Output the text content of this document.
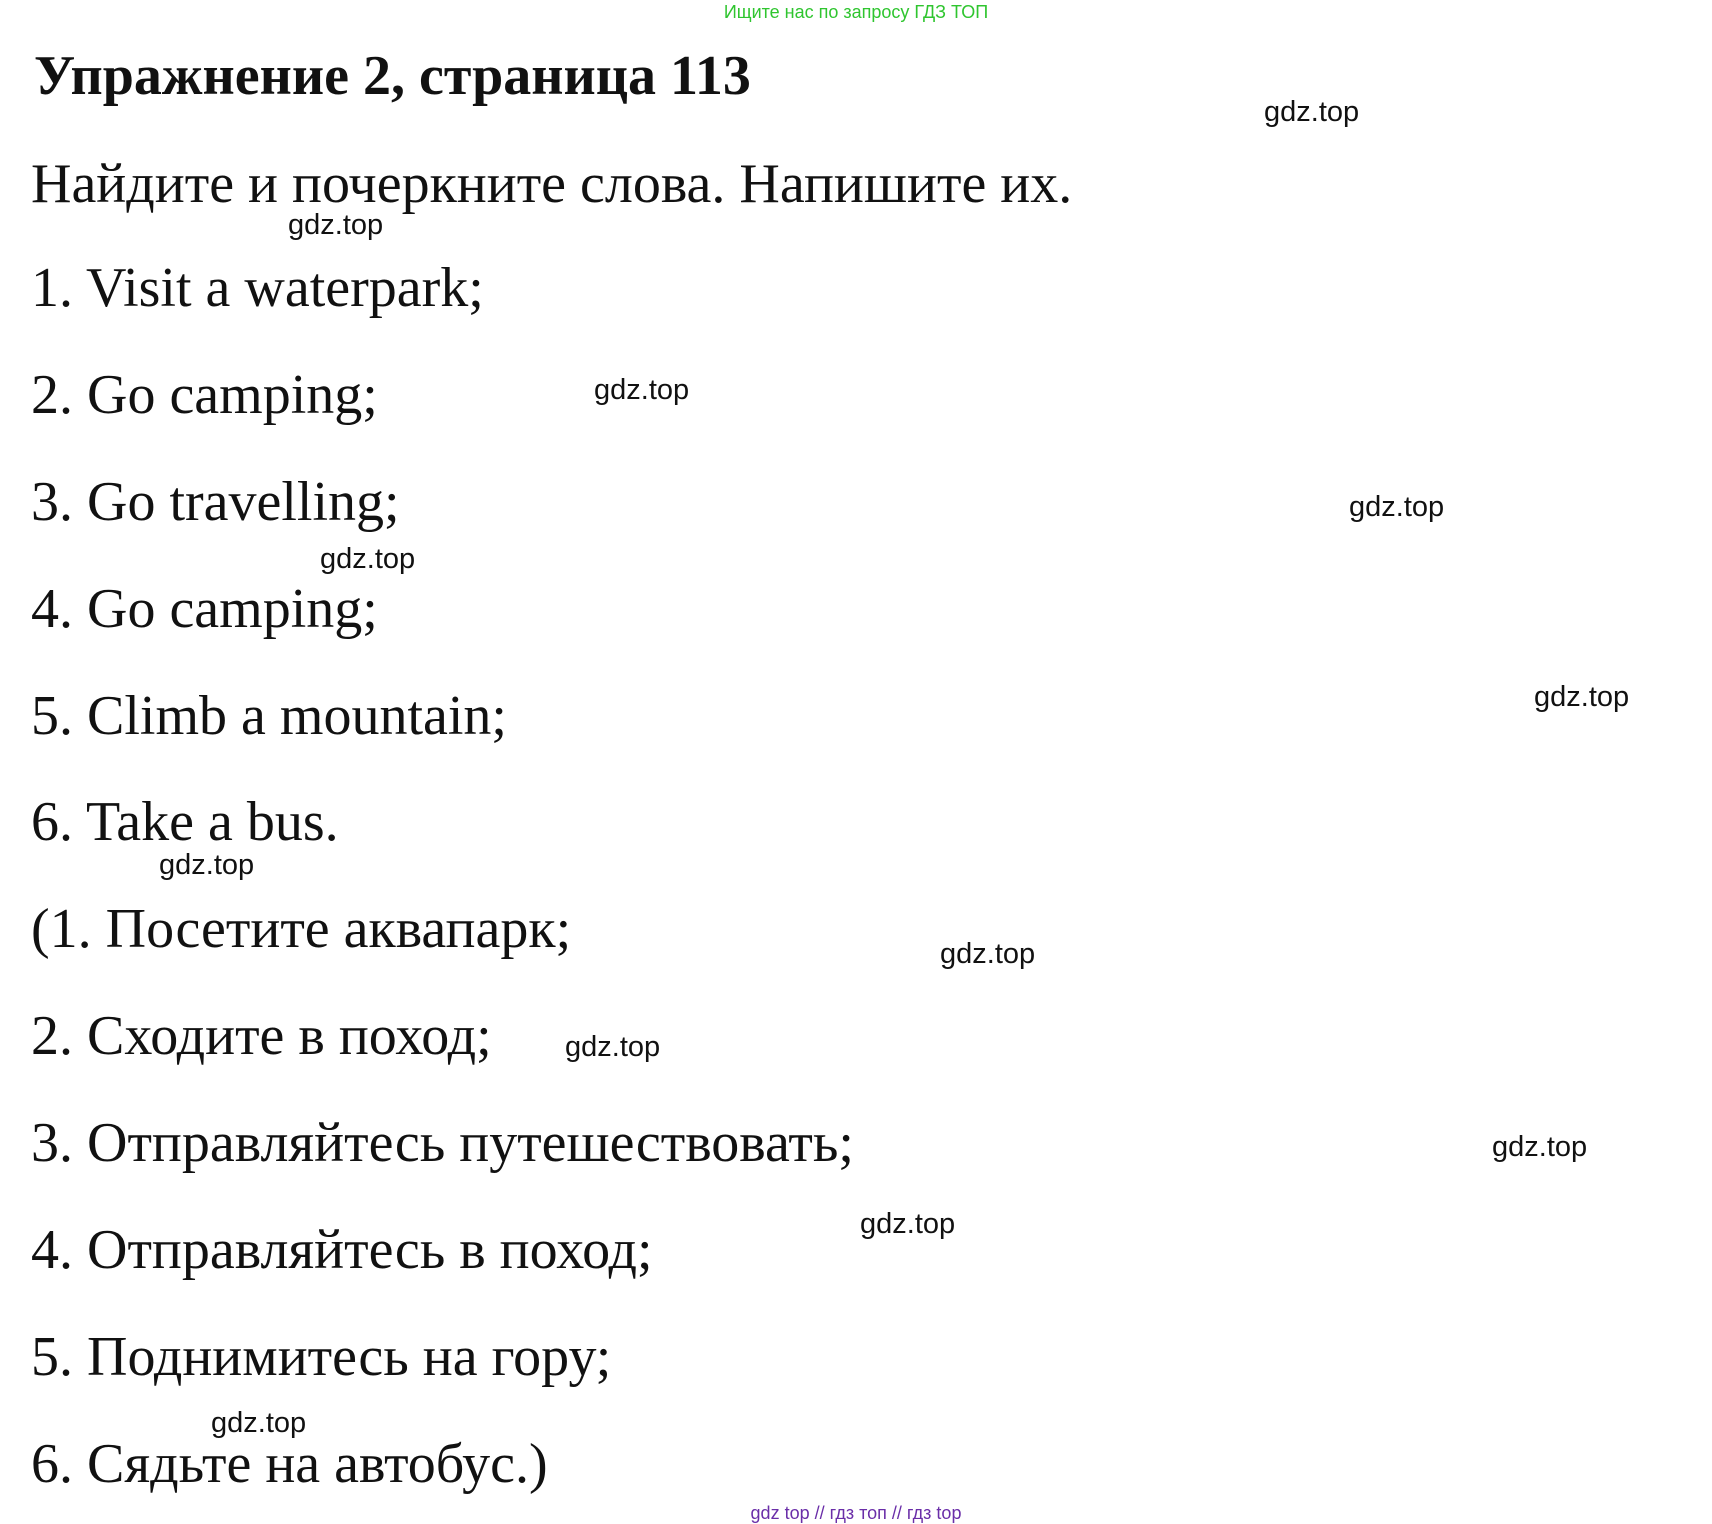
Ищите нас по запросу ГДЗ ТОП
Упражнение 2, страница 113
Найдите и почеркните слова. Напишите их.
1. Visit a waterpark;
2. Go camping;
3. Go travelling;
4. Go camping;
5. Climb a mountain;
6. Take a bus.
(1. Посетите аквапарк;
2. Сходите в поход;
3. Отправляйтесь путешествовать;
4. Отправляйтесь в поход;
5. Поднимитесь на гору;
6. Сядьте на автобус.)
gdz.top
gdz.top
gdz.top
gdz.top
gdz.top
gdz.top
gdz.top
gdz.top
gdz.top
gdz.top
gdz.top
gdz.top
gdz top // гдз топ // гдз top
